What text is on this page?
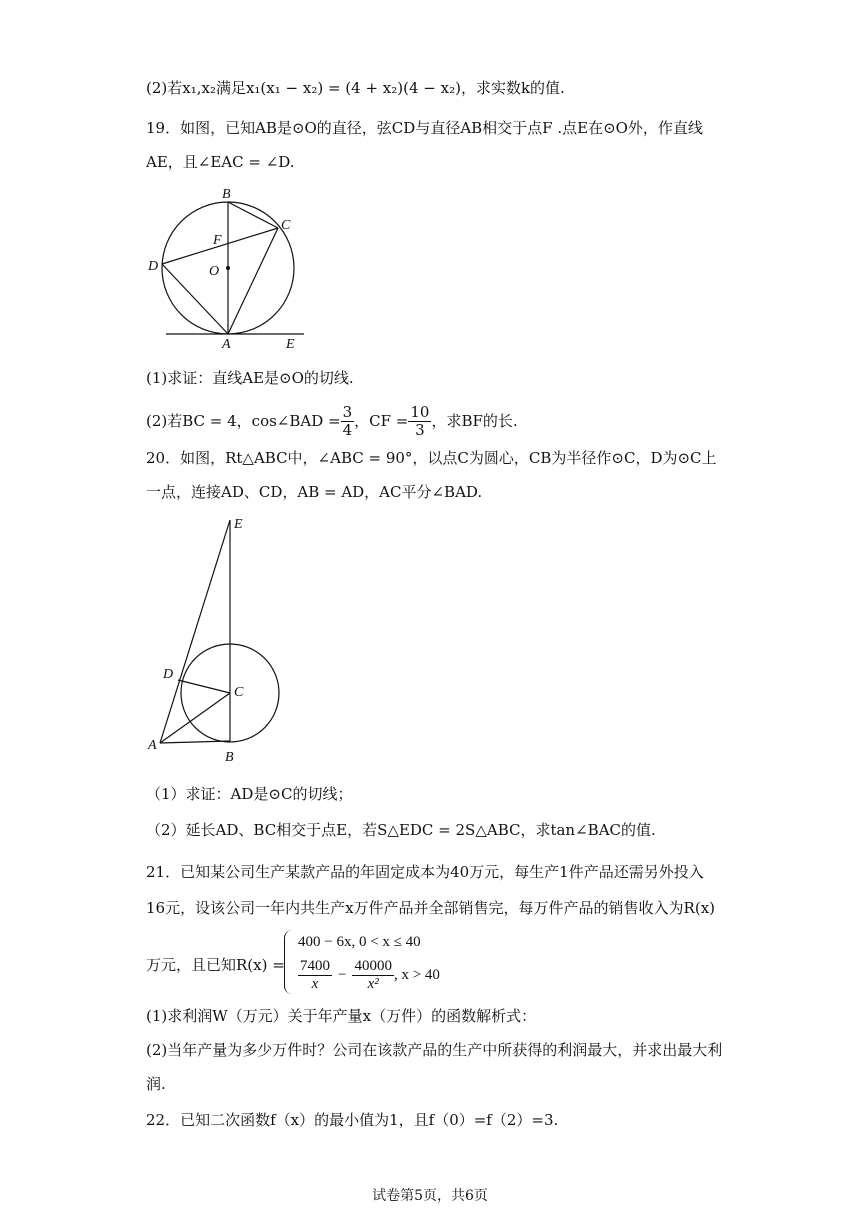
(2)若x₁,x₂满足x₁(x₁ − x₂) = (4 + x₂)(4 − x₂)，求实数k的值.
19．如图，已知AB是⊙O的直径，弦CD与直径AB相交于点F .点E在⊙O外，作直线
AE，且∠EAC = ∠D.
B
C
F
D	O
A	E
(1)求证：直线AE是⊙O的切线.
(2)若BC = 4，cos∠BAD = $\frac{3}{4}$ ，CF = $\frac{10}{3}$ ，求BF的长.
20．如图，Rt△ABC中，∠ABC = 90°，以点C为圆心，CB为半径作⊙C，D为⊙C上
一点，连接AD、CD，AB = AD，AC平分∠BAD.
E
D
C
A
B
（1）求证：AD是⊙C的切线；
（2）延长AD、BC相交于点E，若S△EDC = 2S△ABC，求tan∠BAC的值.
21．已知某公司生产某款产品的年固定成本为40万元，每生产1件产品还需另外投入
16元，设该公司一年内共生产x万件产品并全部销售完，每万件产品的销售收入为R(x)
万元，且已知R(x) =
400 − 6x, 0 < x ≤ 40
$\frac{7400}{x} - \frac{40000}{\text{x²}}$ , x > 40
(1)求利润W（万元）关于年产量x（万件）的函数解析式：
(2)当年产量为多少万件时？公司在该款产品的生产中所获得的利润最大，并求出最大利
润.
22．已知二次函数f（x）的最小值为1，且f（0）=f（2）=3.
试卷第5页，共6页
